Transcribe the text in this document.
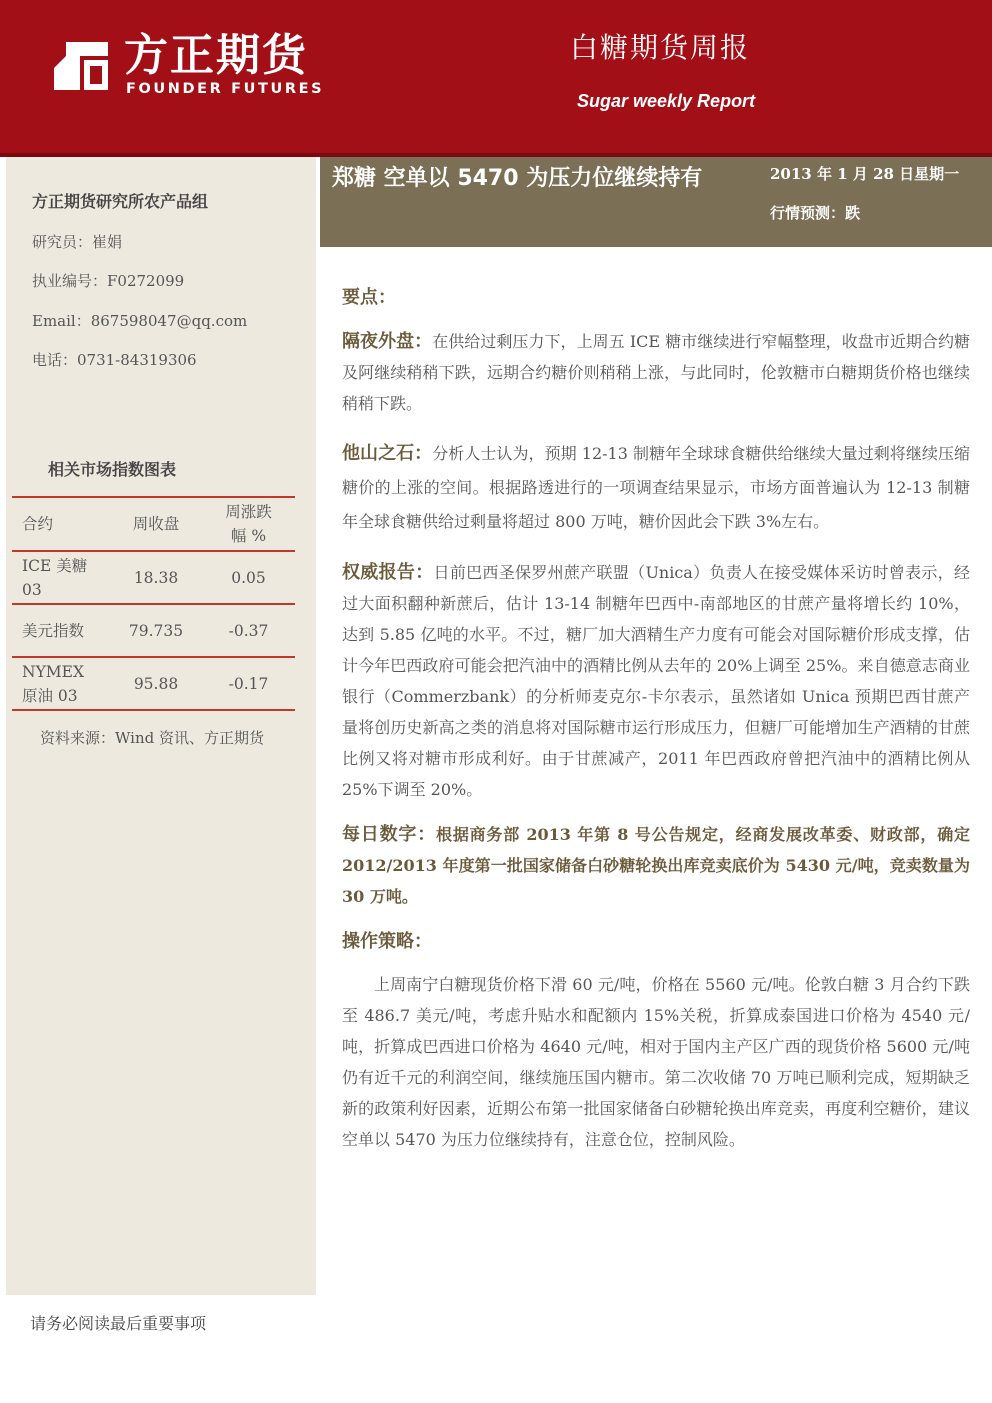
方正期货
FOUNDER FUTURES
白糖期货周报
Sugar weekly Report
方正期货研究所农产品组
研究员：崔娟
执业编号：F0272099
Email：867598047@qq.com
电话：0731-84319306
相关市场指数图表
合约	周收盘	周涨跌幅 %

ICE 美糖 03	18.38	0.05
美元指数	79.735	-0.37

NYMEX 原油 03	95.88	-0.17
资料来源：Wind 资讯、方正期货
郑糖 空单以 5470 为压力位继续持有	2013 年 1 月 28 日星期一
行情预测：跌

要点：

隔夜外盘：在供给过剩压力下，上周五 ICE 糖市继续进行窄幅整理，收盘市近期合约糖及阿继续稍稍下跌，远期合约糖价则稍稍上涨，与此同时，伦敦糖市白糖期货价格也继续稍稍下跌。

他山之石：分析人士认为，预期 12-13 制糖年全球球食糖供给继续大量过剩将继续压缩糖价的上涨的空间。根据路透进行的一项调查结果显示，市场方面普遍认为 12-13 制糖年全球食糖供给过剩量将超过 800 万吨，糖价因此会下跌 3%左右。

权威报告：日前巴西圣保罗州蔗产联盟（Unica）负责人在接受媒体采访时曾表示，经过大面积翻种新蔗后，估计 13-14 制糖年巴西中-南部地区的甘蔗产量将增长约 10%，达到 5.85 亿吨的水平。不过，糖厂加大酒精生产力度有可能会对国际糖价形成支撑，估计今年巴西政府可能会把汽油中的酒精比例从去年的 20%上调至 25%。来自德意志商业银行（Commerzbank）的分析师麦克尔-卡尔表示，虽然诸如 Unica 预期巴西甘蔗产量将创历史新高之类的消息将对国际糖市运行形成压力，但糖厂可能增加生产酒精的甘蔗比例又将对糖市形成利好。由于甘蔗减产，2011 年巴西政府曾把汽油中的酒精比例从 25%下调至 20%。

每日数字：根据商务部 2013 年第 8 号公告规定，经商发展改革委、财政部，确定 2012/2013 年度第一批国家储备白砂糖轮换出库竞卖底价为 5430 元/吨，竞卖数量为 30 万吨。

操作策略：

上周南宁白糖现货价格下滑 60 元/吨，价格在 5560 元/吨。伦敦白糖 3 月合约下跌至 486.7 美元/吨，考虑升贴水和配额内 15%关税，折算成泰国进口价格为 4540 元/吨，折算成巴西进口价格为 4640 元/吨，相对于国内主产区广西的现货价格 5600 元/吨仍有近千元的利润空间，继续施压国内糖市。第二次收储 70 万吨已顺利完成，短期缺乏新的政策利好因素，近期公布第一批国家储备白砂糖轮换出库竞卖，再度利空糖价，建议空单以 5470 为压力位继续持有，注意仓位，控制风险。

请务必阅读最后重要事项
